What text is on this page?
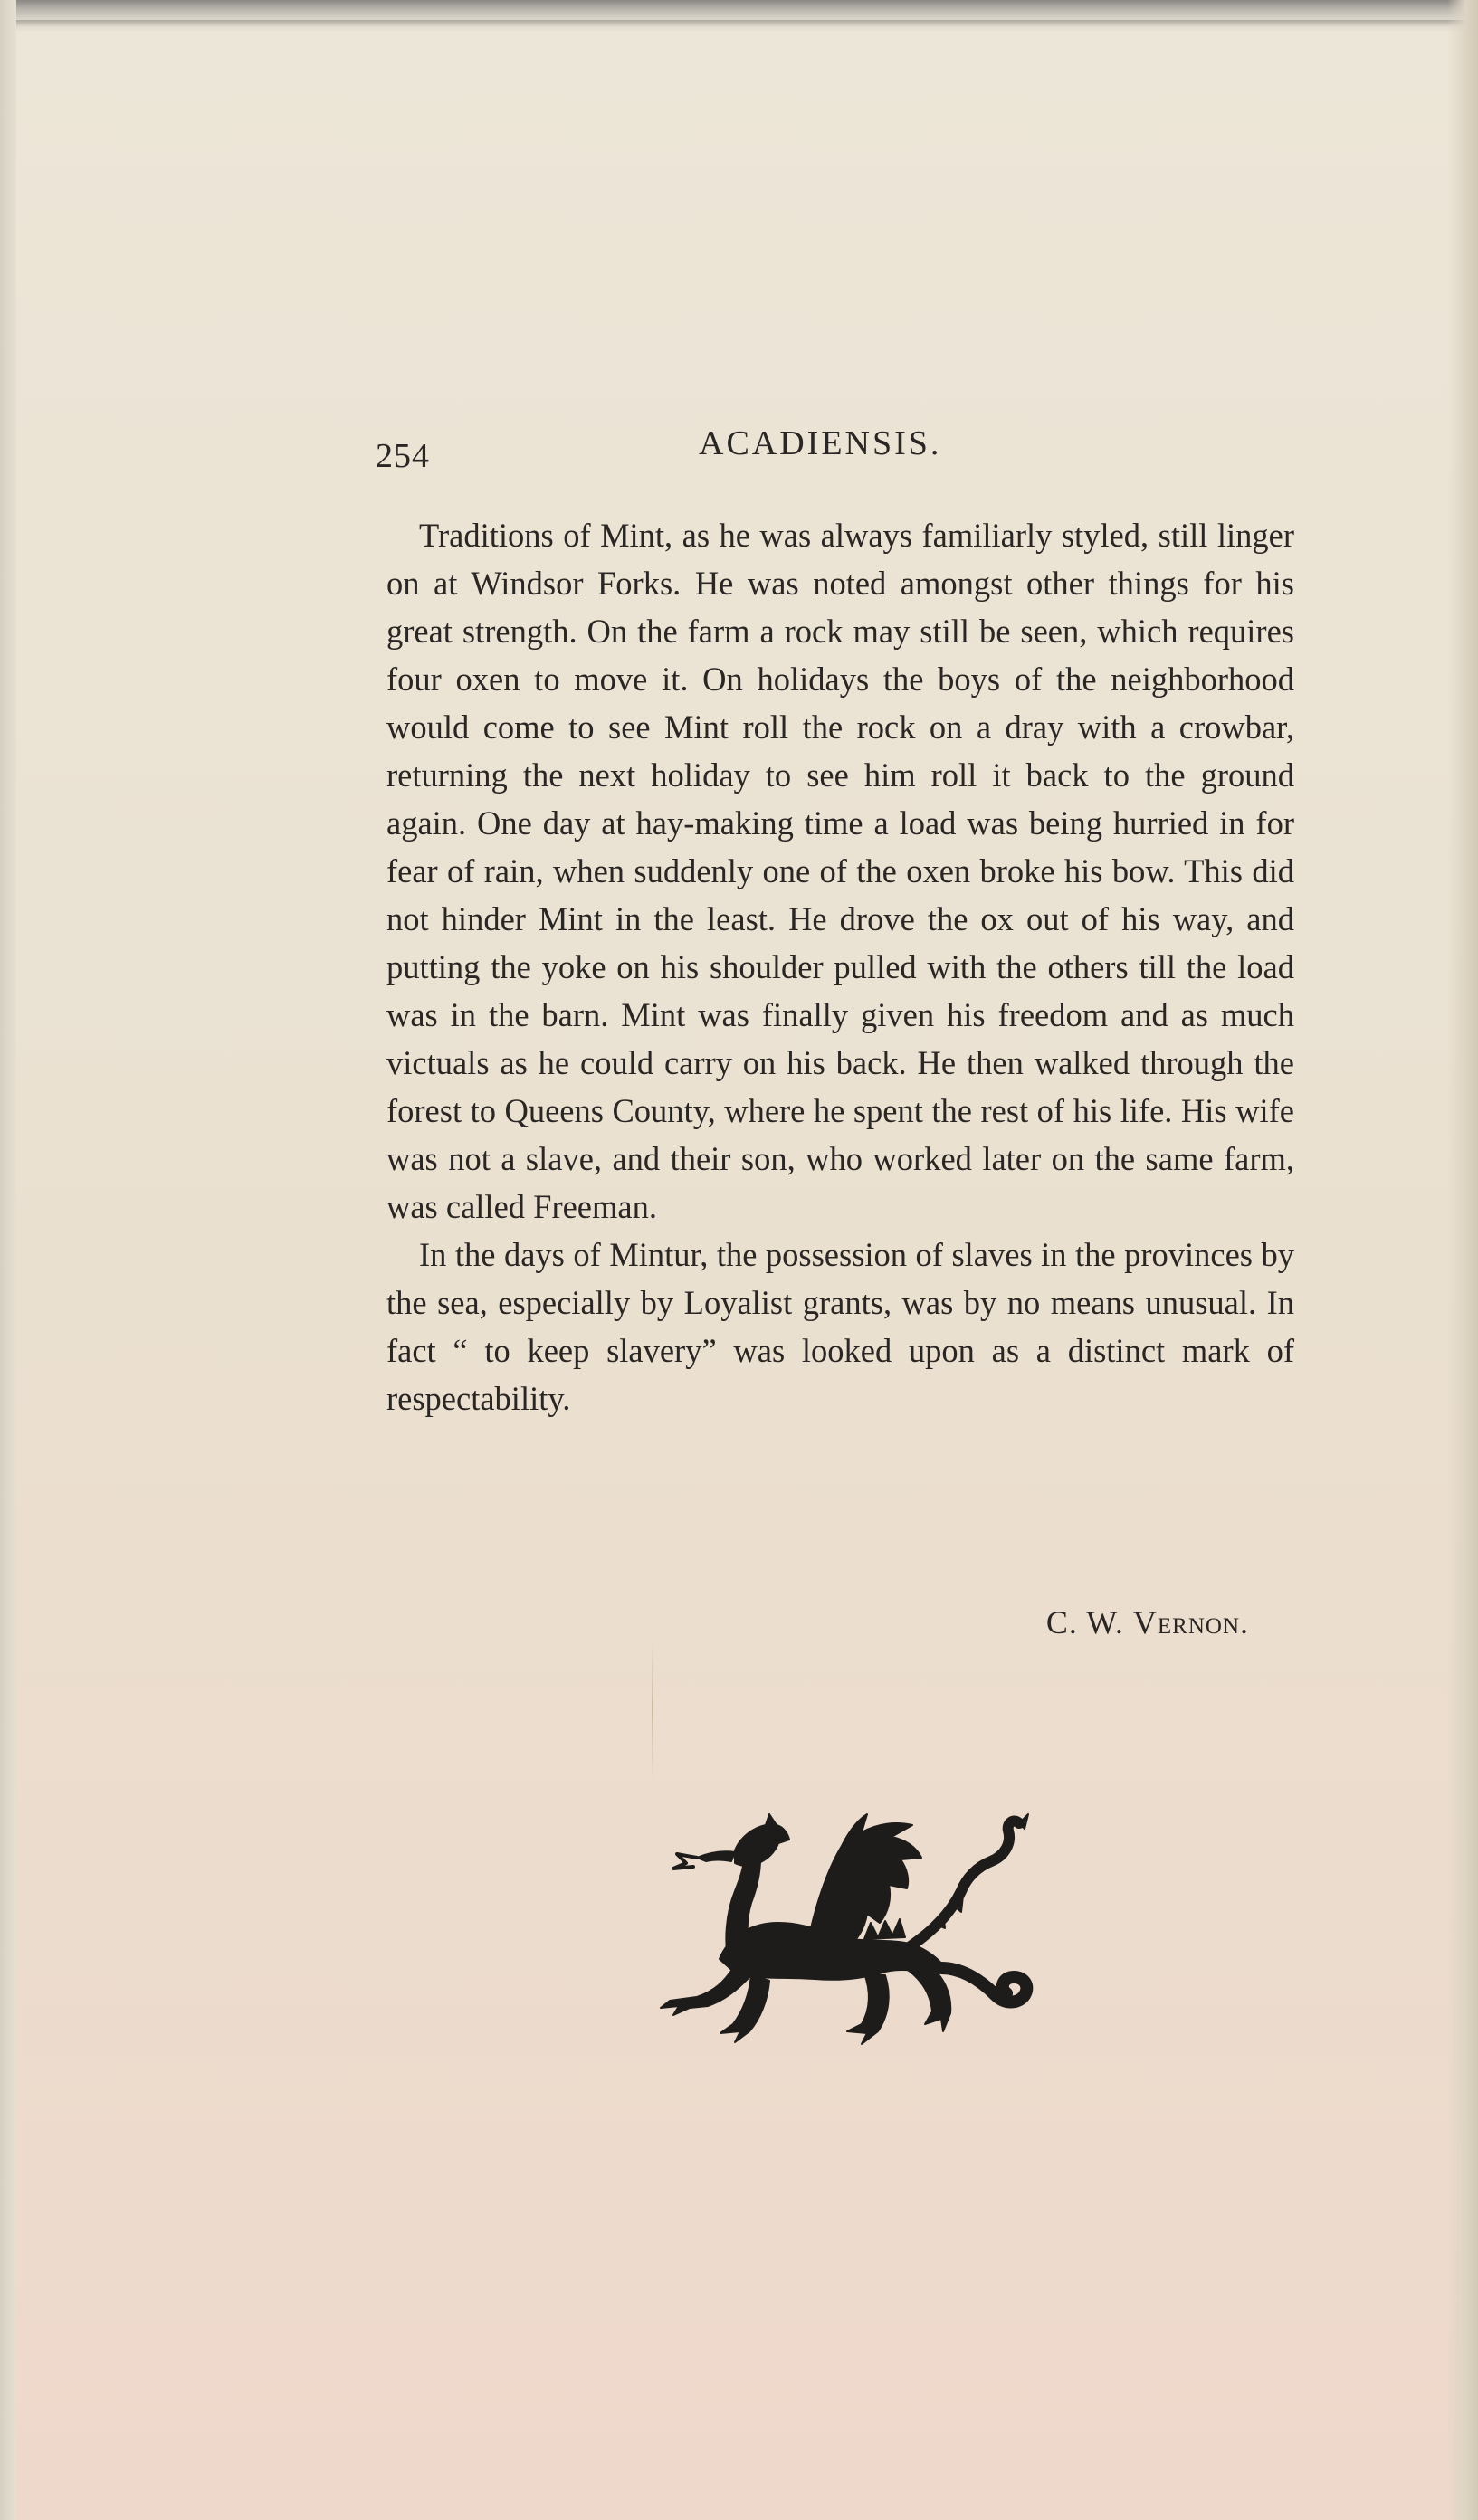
254	ACADIENSIS.

Traditions of Mint, as he was always familiarly styled, still linger on at Windsor Forks. He was noted amongst other things for his great strength. On the farm a rock may still be seen, which requires four oxen to move it. On holidays the boys of the neighborhood would come to see Mint roll the rock on a dray with a crowbar, returning the next holiday to see him roll it back to the ground again. One day at hay-making time a load was being hurried in for fear of rain, when suddenly one of the oxen broke his bow. This did not hinder Mint in the least. He drove the ox out of his way, and putting the yoke on his shoulder pulled with the others till the load was in the barn. Mint was finally given his freedom and as much victuals as he could carry on his back. He then walked through the forest to Queens County, where he spent the rest of his life. His wife was not a slave, and their son, who worked later on the same farm, was called Freeman.

In the days of Mintur, the possession of slaves in the provinces by the sea, especially by Loyalist grants, was by no means unusual. In fact “ to keep slavery” was looked upon as a distinct mark of respectability.

C. W. Vernon.
